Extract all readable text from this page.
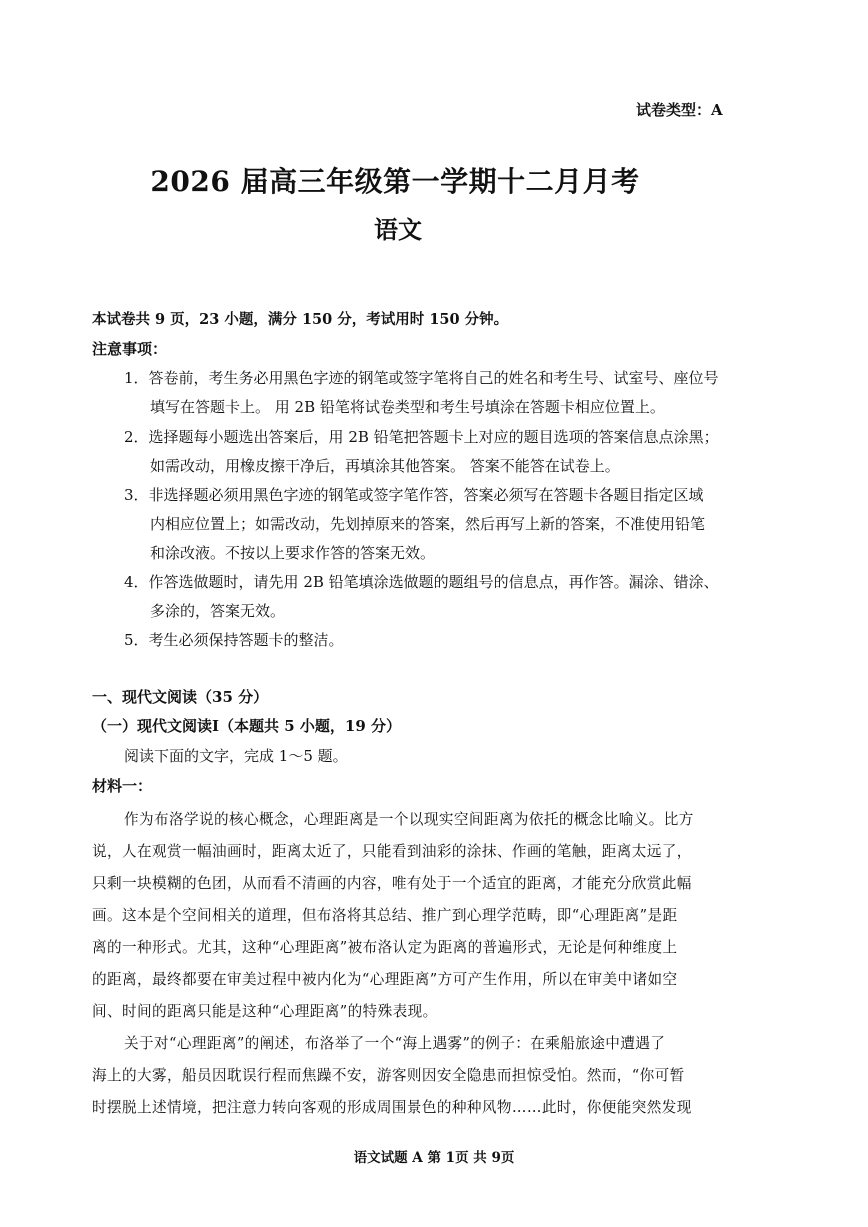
试卷类型：A
2026 届高三年级第一学期十二月月考
语文
本试卷共 9 页，23 小题，满分 150 分，考试用时 150 分钟。
注意事项：
1．答卷前，考生务必用黑色字迹的钢笔或签字笔将自己的姓名和考生号、试室号、座位号
填写在答题卡上。 用 2B 铅笔将试卷类型和考生号填涂在答题卡相应位置上。
2．选择题每小题选出答案后，用 2B 铅笔把答题卡上对应的题目选项的答案信息点涂黑；
如需改动，用橡皮擦干净后，再填涂其他答案。 答案不能答在试卷上。
3．非选择题必须用黑色字迹的钢笔或签字笔作答，答案必须写在答题卡各题目指定区域
内相应位置上；如需改动，先划掉原来的答案，然后再写上新的答案，不准使用铅笔
和涂改液。不按以上要求作答的答案无效。
4．作答选做题时，请先用 2B 铅笔填涂选做题的题组号的信息点，再作答。漏涂、错涂、
多涂的，答案无效。
5．考生必须保持答题卡的整洁。
一、现代文阅读（35 分）
（一）现代文阅读Ⅰ（本题共 5 小题，19 分）
阅读下面的文字，完成 1～5 题。
材料一：
作为布洛学说的核心概念，心理距离是一个以现实空间距离为依托的概念比喻义。比方
说，人在观赏一幅油画时，距离太近了，只能看到油彩的涂抹、作画的笔触，距离太远了，
只剩一块模糊的色团，从而看不清画的内容，唯有处于一个适宜的距离，才能充分欣赏此幅
画。这本是个空间相关的道理，但布洛将其总结、推广到心理学范畴，即“心理距离”是距
离的一种形式。尤其，这种“心理距离”被布洛认定为距离的普遍形式，无论是何种维度上
的距离，最终都要在审美过程中被内化为“心理距离”方可产生作用，所以在审美中诸如空
间、时间的距离只能是这种“心理距离”的特殊表现。
关于对“心理距离”的阐述，布洛举了一个“海上遇雾”的例子：在乘船旅途中遭遇了
海上的大雾，船员因耽误行程而焦躁不安，游客则因安全隐患而担惊受怕。然而，“你可暂
时摆脱上述情境，把注意力转向客观的形成周围景色的种种风物……此时，你便能突然发现
语文试题 A 第 1页 共 9页
